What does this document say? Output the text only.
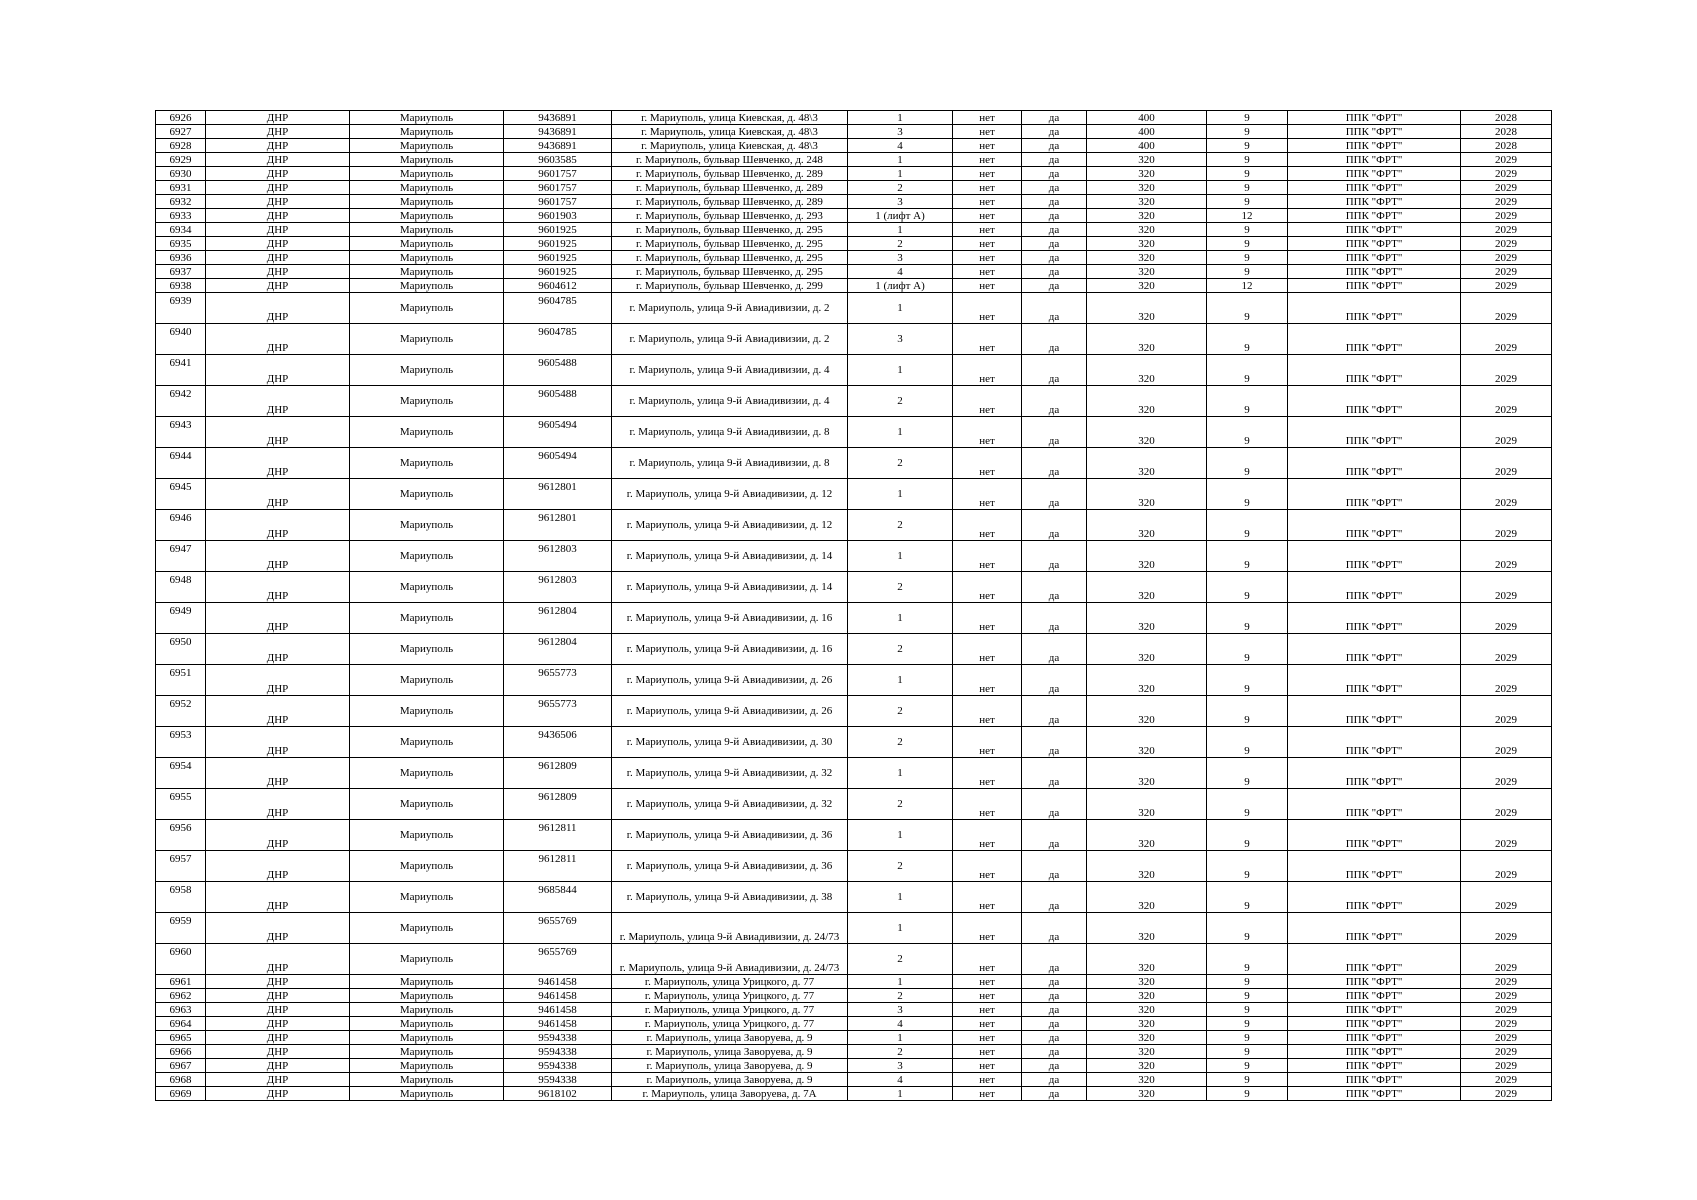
6926	ДНР	Мариуполь	9436891	г. Мариуполь, улица Киевская, д. 48\3	1	нет	да	400	9	ППК "ФРТ"	2028
6927	ДНР	Мариуполь	9436891	г. Мариуполь, улица Киевская, д. 48\3	3	нет	да	400	9	ППК "ФРТ"	2028
6928	ДНР	Мариуполь	9436891	г. Мариуполь, улица Киевская, д. 48\3	4	нет	да	400	9	ППК "ФРТ"	2028
6929	ДНР	Мариуполь	9603585	г. Мариуполь, бульвар Шевченко, д. 248	1	нет	да	320	9	ППК "ФРТ"	2029
6930	ДНР	Мариуполь	9601757	г. Мариуполь, бульвар Шевченко, д. 289	1	нет	да	320	9	ППК "ФРТ"	2029
6931	ДНР	Мариуполь	9601757	г. Мариуполь, бульвар Шевченко, д. 289	2	нет	да	320	9	ППК "ФРТ"	2029
6932	ДНР	Мариуполь	9601757	г. Мариуполь, бульвар Шевченко, д. 289	3	нет	да	320	9	ППК "ФРТ"	2029
6933	ДНР	Мариуполь	9601903	г. Мариуполь, бульвар Шевченко, д. 293	1 (лифт А)	нет	да	320	12	ППК "ФРТ"	2029
6934	ДНР	Мариуполь	9601925	г. Мариуполь, бульвар Шевченко, д. 295	1	нет	да	320	9	ППК "ФРТ"	2029
6935	ДНР	Мариуполь	9601925	г. Мариуполь, бульвар Шевченко, д. 295	2	нет	да	320	9	ППК "ФРТ"	2029
6936	ДНР	Мариуполь	9601925	г. Мариуполь, бульвар Шевченко, д. 295	3	нет	да	320	9	ППК "ФРТ"	2029
6937	ДНР	Мариуполь	9601925	г. Мариуполь, бульвар Шевченко, д. 295	4	нет	да	320	9	ППК "ФРТ"	2029
6938	ДНР	Мариуполь	9604612	г. Мариуполь, бульвар Шевченко, д. 299	1 (лифт А)	нет	да	320	12	ППК "ФРТ"	2029
6939	ДНР	Мариуполь	9604785	г. Мариуполь, улица 9-й Авиадивизии, д. 2	1	нет	да	320	9	ППК "ФРТ"	2029
6940	ДНР	Мариуполь	9604785	г. Мариуполь, улица 9-й Авиадивизии, д. 2	3	нет	да	320	9	ППК "ФРТ"	2029
6941	ДНР	Мариуполь	9605488	г. Мариуполь, улица 9-й Авиадивизии, д. 4	1	нет	да	320	9	ППК "ФРТ"	2029
6942	ДНР	Мариуполь	9605488	г. Мариуполь, улица 9-й Авиадивизии, д. 4	2	нет	да	320	9	ППК "ФРТ"	2029
6943	ДНР	Мариуполь	9605494	г. Мариуполь, улица 9-й Авиадивизии, д. 8	1	нет	да	320	9	ППК "ФРТ"	2029
6944	ДНР	Мариуполь	9605494	г. Мариуполь, улица 9-й Авиадивизии, д. 8	2	нет	да	320	9	ППК "ФРТ"	2029
6945	ДНР	Мариуполь	9612801	г. Мариуполь, улица 9-й Авиадивизии, д. 12	1	нет	да	320	9	ППК "ФРТ"	2029
6946	ДНР	Мариуполь	9612801	г. Мариуполь, улица 9-й Авиадивизии, д. 12	2	нет	да	320	9	ППК "ФРТ"	2029
6947	ДНР	Мариуполь	9612803	г. Мариуполь, улица 9-й Авиадивизии, д. 14	1	нет	да	320	9	ППК "ФРТ"	2029
6948	ДНР	Мариуполь	9612803	г. Мариуполь, улица 9-й Авиадивизии, д. 14	2	нет	да	320	9	ППК "ФРТ"	2029
6949	ДНР	Мариуполь	9612804	г. Мариуполь, улица 9-й Авиадивизии, д. 16	1	нет	да	320	9	ППК "ФРТ"	2029
6950	ДНР	Мариуполь	9612804	г. Мариуполь, улица 9-й Авиадивизии, д. 16	2	нет	да	320	9	ППК "ФРТ"	2029
6951	ДНР	Мариуполь	9655773	г. Мариуполь, улица 9-й Авиадивизии, д. 26	1	нет	да	320	9	ППК "ФРТ"	2029
6952	ДНР	Мариуполь	9655773	г. Мариуполь, улица 9-й Авиадивизии, д. 26	2	нет	да	320	9	ППК "ФРТ"	2029
6953	ДНР	Мариуполь	9436506	г. Мариуполь, улица 9-й Авиадивизии, д. 30	2	нет	да	320	9	ППК "ФРТ"	2029
6954	ДНР	Мариуполь	9612809	г. Мариуполь, улица 9-й Авиадивизии, д. 32	1	нет	да	320	9	ППК "ФРТ"	2029
6955	ДНР	Мариуполь	9612809	г. Мариуполь, улица 9-й Авиадивизии, д. 32	2	нет	да	320	9	ППК "ФРТ"	2029
6956	ДНР	Мариуполь	9612811	г. Мариуполь, улица 9-й Авиадивизии, д. 36	1	нет	да	320	9	ППК "ФРТ"	2029
6957	ДНР	Мариуполь	9612811	г. Мариуполь, улица 9-й Авиадивизии, д. 36	2	нет	да	320	9	ППК "ФРТ"	2029
6958	ДНР	Мариуполь	9685844	г. Мариуполь, улица 9-й Авиадивизии, д. 38	1	нет	да	320	9	ППК "ФРТ"	2029
6959	ДНР	Мариуполь	9655769	г. Мариуполь, улица 9-й Авиадивизии, д. 24/73	1	нет	да	320	9	ППК "ФРТ"	2029
6960	ДНР	Мариуполь	9655769	г. Мариуполь, улица 9-й Авиадивизии, д. 24/73	2	нет	да	320	9	ППК "ФРТ"	2029
6961	ДНР	Мариуполь	9461458	г. Мариуполь, улица Урицкого, д. 77	1	нет	да	320	9	ППК "ФРТ"	2029
6962	ДНР	Мариуполь	9461458	г. Мариуполь, улица Урицкого, д. 77	2	нет	да	320	9	ППК "ФРТ"	2029
6963	ДНР	Мариуполь	9461458	г. Мариуполь, улица Урицкого, д. 77	3	нет	да	320	9	ППК "ФРТ"	2029
6964	ДНР	Мариуполь	9461458	г. Мариуполь, улица Урицкого, д. 77	4	нет	да	320	9	ППК "ФРТ"	2029
6965	ДНР	Мариуполь	9594338	г. Мариуполь, улица Заворуева, д. 9	1	нет	да	320	9	ППК "ФРТ"	2029
6966	ДНР	Мариуполь	9594338	г. Мариуполь, улица Заворуева, д. 9	2	нет	да	320	9	ППК "ФРТ"	2029
6967	ДНР	Мариуполь	9594338	г. Мариуполь, улица Заворуева, д. 9	3	нет	да	320	9	ППК "ФРТ"	2029
6968	ДНР	Мариуполь	9594338	г. Мариуполь, улица Заворуева, д. 9	4	нет	да	320	9	ППК "ФРТ"	2029
6969	ДНР	Мариуполь	9618102	г. Мариуполь, улица Заворуева, д. 7А	1	нет	да	320	9	ППК "ФРТ"	2029
